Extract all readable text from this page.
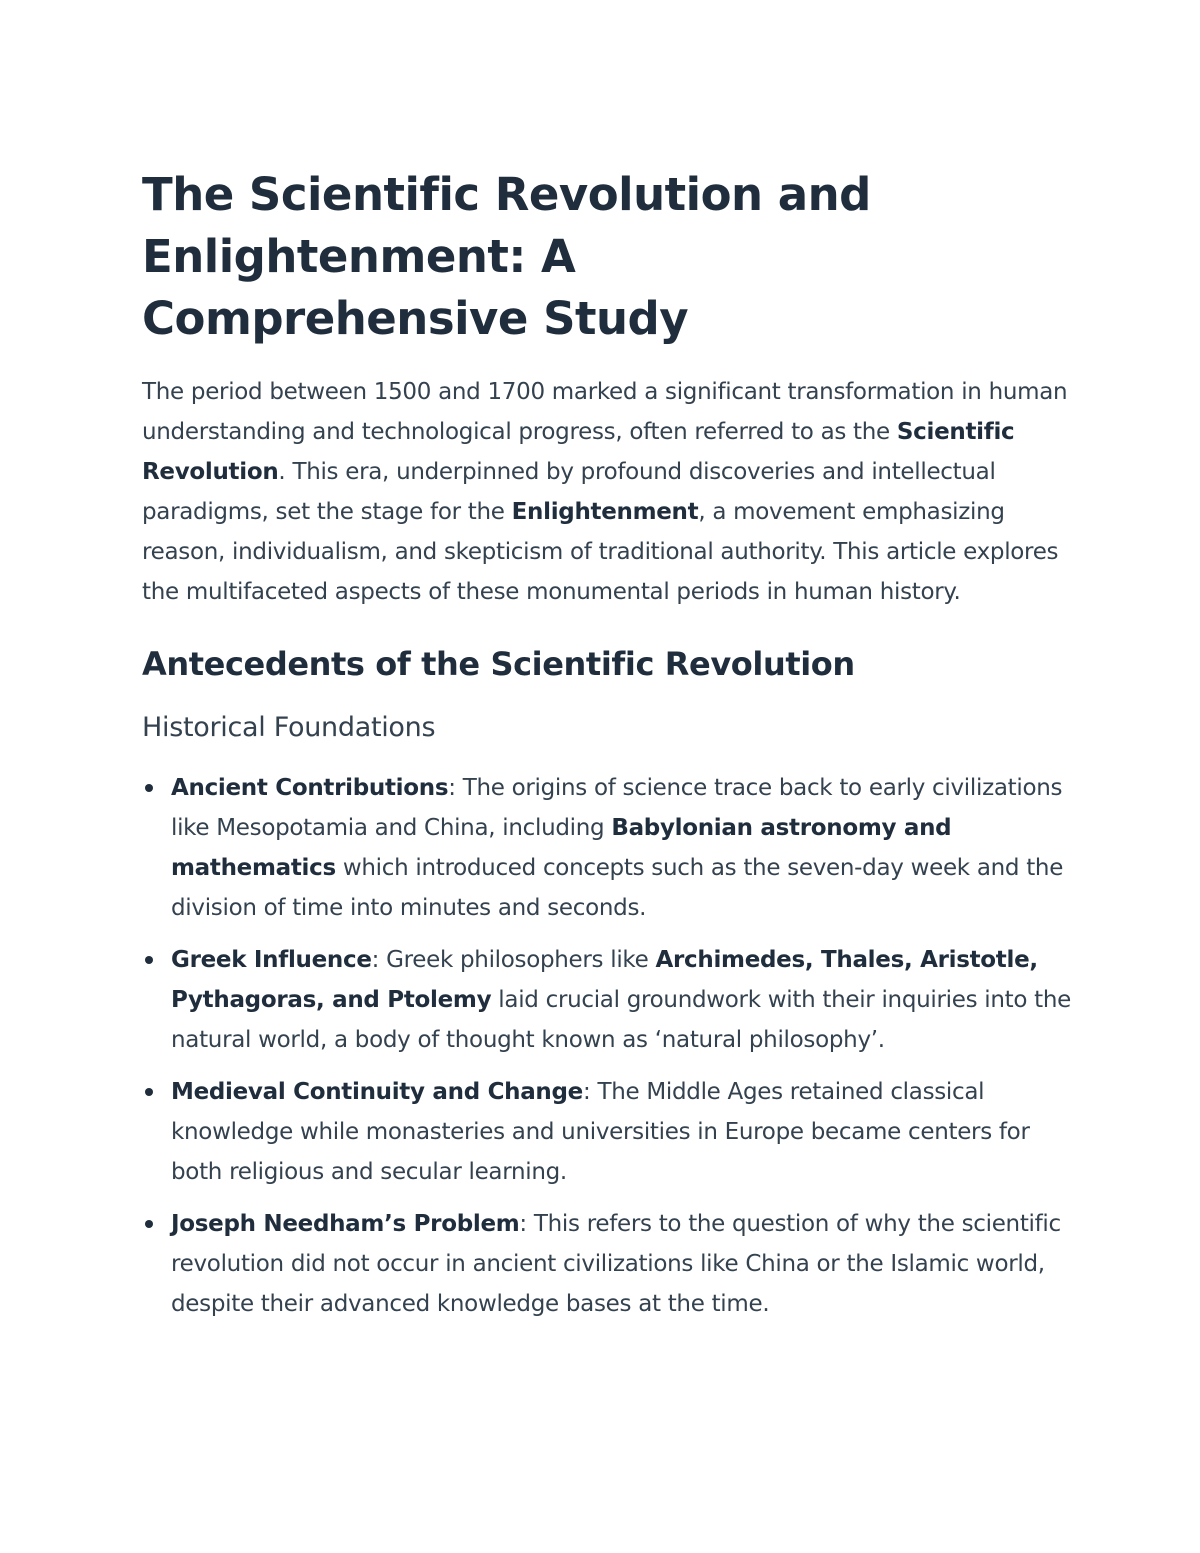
The Scientific Revolution and Enlightenment: A Comprehensive Study

The period between 1500 and 1700 marked a significant transformation in human understanding and technological progress, often referred to as the Scientific Revolution. This era, underpinned by profound discoveries and intellectual paradigms, set the stage for the Enlightenment, a movement emphasizing reason, individualism, and skepticism of traditional authority. This article explores the multifaceted aspects of these monumental periods in human history.

Antecedents of the Scientific Revolution
Historical Foundations
Ancient Contributions: The origins of science trace back to early civilizations like Mesopotamia and China, including Babylonian astronomy and mathematics which introduced concepts such as the seven-day week and the division of time into minutes and seconds.
Greek Influence: Greek philosophers like Archimedes, Thales, Aristotle, Pythagoras, and Ptolemy laid crucial groundwork with their inquiries into the natural world, a body of thought known as ‘natural philosophy’.
Medieval Continuity and Change: The Middle Ages retained classical knowledge while monasteries and universities in Europe became centers for both religious and secular learning.
Joseph Needham’s Problem: This refers to the question of why the scientific revolution did not occur in ancient civilizations like China or the Islamic world, despite their advanced knowledge bases at the time.
